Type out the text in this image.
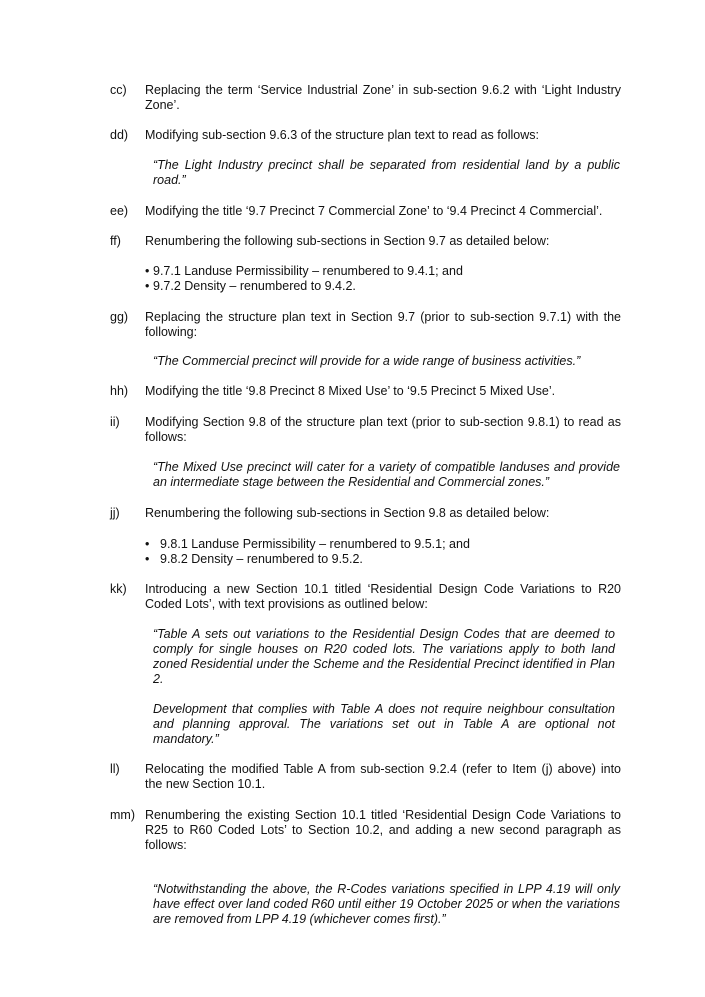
cc) Replacing the term ‘Service Industrial Zone’ in sub-section 9.6.2 with ‘Light Industry Zone’.
dd) Modifying sub-section 9.6.3 of the structure plan text to read as follows:
“The Light Industry precinct shall be separated from residential land by a public road.”
ee) Modifying the title ‘9.7 Precinct 7 Commercial Zone’ to ‘9.4 Precinct 4 Commercial’.
ff) Renumbering the following sub-sections in Section 9.7 as detailed below:
• 9.7.1 Landuse Permissibility – renumbered to 9.4.1; and
• 9.7.2 Density – renumbered to 9.4.2.
gg) Replacing the structure plan text in Section 9.7 (prior to sub-section 9.7.1) with the following:
“The Commercial precinct will provide for a wide range of business activities.”
hh) Modifying the title ‘9.8 Precinct 8 Mixed Use’ to ‘9.5 Precinct 5 Mixed Use’.
ii) Modifying Section 9.8 of the structure plan text (prior to sub-section 9.8.1) to read as follows:
“The Mixed Use precinct will cater for a variety of compatible landuses and provide an intermediate stage between the Residential and Commercial zones.”
jj) Renumbering the following sub-sections in Section 9.8 as detailed below:
• 9.8.1 Landuse Permissibility – renumbered to 9.5.1; and
• 9.8.2 Density – renumbered to 9.5.2.
kk) Introducing a new Section 10.1 titled ‘Residential Design Code Variations to R20 Coded Lots’, with text provisions as outlined below:
“Table A sets out variations to the Residential Design Codes that are deemed to comply for single houses on R20 coded lots. The variations apply to both land zoned Residential under the Scheme and the Residential Precinct identified in Plan 2.
Development that complies with Table A does not require neighbour consultation and planning approval. The variations set out in Table A are optional not mandatory.”
ll) Relocating the modified Table A from sub-section 9.2.4 (refer to Item (j) above) into the new Section 10.1.
mm) Renumbering the existing Section 10.1 titled ‘Residential Design Code Variations to R25 to R60 Coded Lots’ to Section 10.2, and adding a new second paragraph as follows:
“Notwithstanding the above, the R-Codes variations specified in LPP 4.19 will only have effect over land coded R60 until either 19 October 2025 or when the variations are removed from LPP 4.19 (whichever comes first).”
